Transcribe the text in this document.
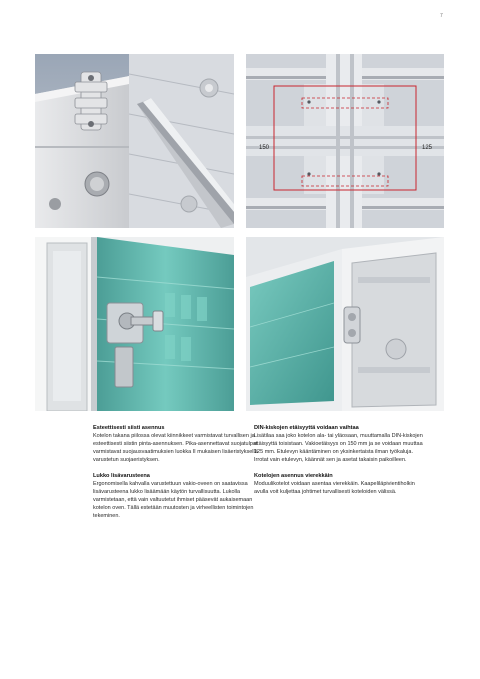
7
150	125
Esteettisesti siisti asennus

Kotelon takana piilossa olevat kiinnikkeet varmistavat turvallisen ja esteettisesti siistin pinta-asennuksen. Pika-asennettavat suojatulpat varmistavat suojausvaatimuksien luokka II mukaisen lisäeristyksellä varustetun suojaeristyksen.

Lukko lisävarusteena

Ergonomisella kahvalla varustettuun vakio-oveen on saatavissa lisävarusteena lukko lisäämään käytön turvallisuutta. Lukolla varmistetaan, että vain valtuutetut ihmiset pääsevät aukaisemaan kotelon oven. Tällä estetään muutosten ja virheellisten toimintojen tekeminen.

DIN-kiskojen etäisyyttä voidaan vaihtaa

Lisätilaa saa joko kotelon ala- tai yläosaan, muuttamalla DIN-kiskojen etäisyyttä toisistaan. Vakioetäisyys on 150 mm ja se voidaan muuttaa 125 mm. Etulevyn kääntäminen on yksinkertaista ilman työkaluja. Irrotat vain etulevyn, käännät sen ja asetat takaisin paikoilleen.

Kotelojen asennus vierekkäin

Moduulikotelot voidaan asentaa vierekkäin. Kaapeliläpivientiholkin avulla voit kuljettaa johtimet turvallisesti koteloiden välissä.
